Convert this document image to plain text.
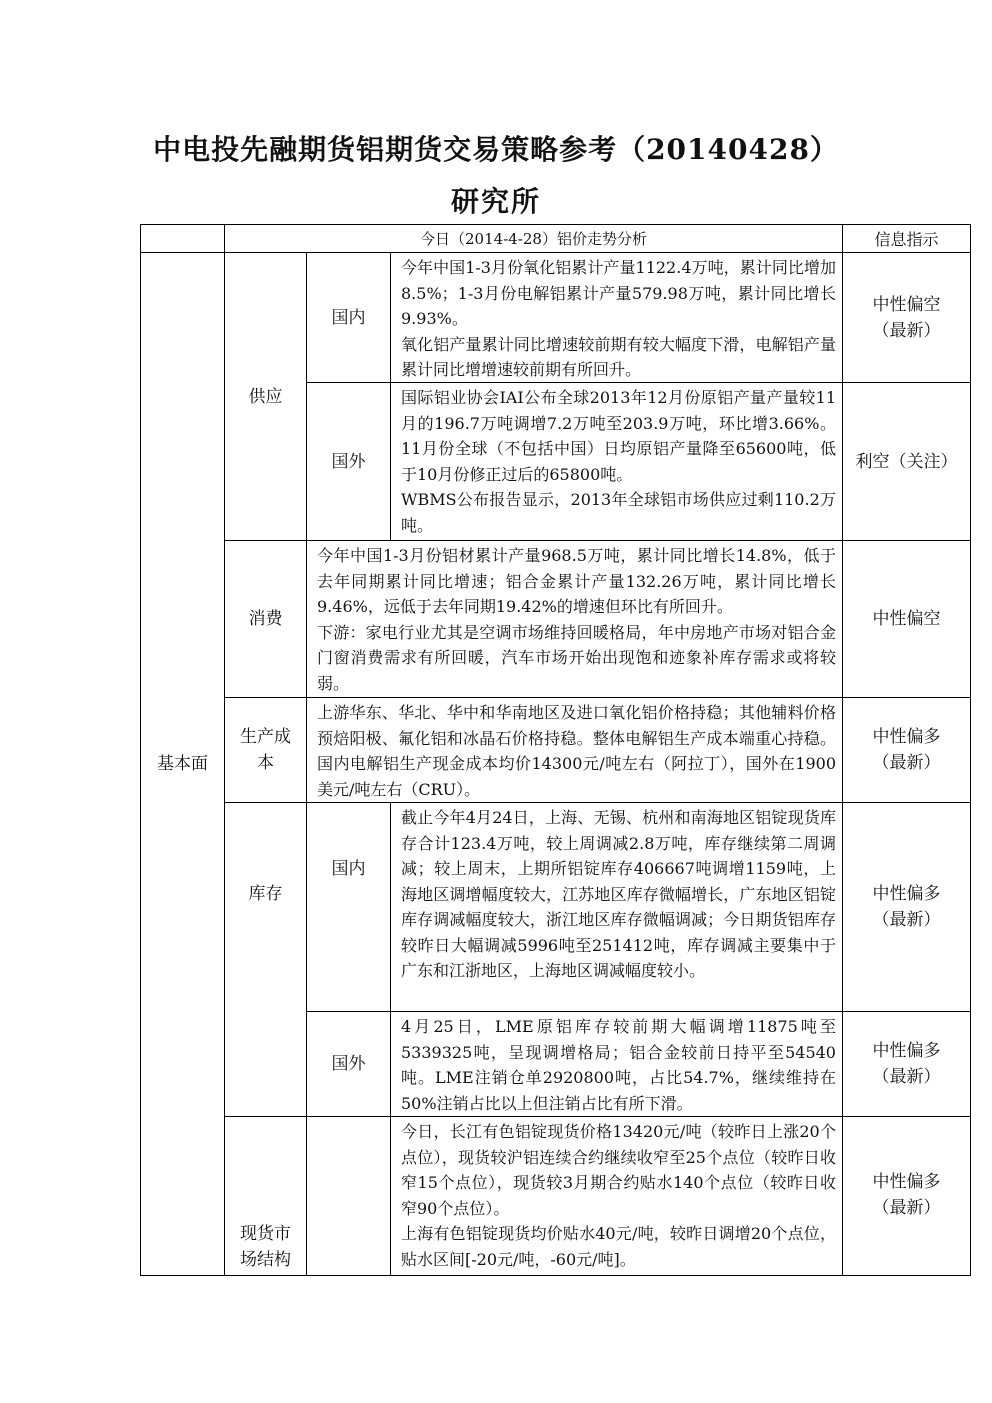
中电投先融期货铝期货交易策略参考（20140428）
研究所
今日（2014-4-28）铝价走势分析	信息指示
基本面
供应
国内

今年中国1-3月份氧化铝累计产量1122.4万吨，累计同比增加8.5%；1-3月份电解铝累计产量579.98万吨，累计同比增长9.93%。

氧化铝产量累计同比增速较前期有较大幅度下滑，电解铝产量累计同比增增速较前期有所回升。

中性偏空
（最新）
国外

国际铝业协会IAI公布全球2013年12月份原铝产量产量较11月的196.7万吨调增7.2万吨至203.9万吨，环比增3.66%。11月份全球（不包括中国）日均原铝产量降至65600吨，低于10月份修正过后的65800吨。

WBMS公布报告显示，2013年全球铝市场供应过剩110.2万吨。

利空（关注）
消费

今年中国1-3月份铝材累计产量968.5万吨，累计同比增长14.8%，低于去年同期累计同比增速；铝合金累计产量132.26万吨，累计同比增长9.46%，远低于去年同期19.42%的增速但环比有所回升。

下游：家电行业尤其是空调市场维持回暖格局，年中房地产市场对铝合金门窗消费需求有所回暖，汽车市场开始出现饱和迹象补库存需求或将较弱。

中性偏空
生产成
本

上游华东、华北、华中和华南地区及进口氧化铝价格持稳；其他辅料价格预焙阳极、氟化铝和冰晶石价格持稳。整体电解铝生产成本端重心持稳。国内电解铝生产现金成本均价14300元/吨左右（阿拉丁），国外在1900美元/吨左右（CRU）。

中性偏多
（最新）
库存
国内

截止今年4月24日，上海、无锡、杭州和南海地区铝锭现货库存合计123.4万吨，较上周调减2.8万吨，库存继续第二周调减；较上周末，上期所铝锭库存406667吨调增1159吨，上海地区调增幅度较大，江苏地区库存微幅增长，广东地区铝锭库存调减幅度较大，浙江地区库存微幅调减；今日期货铝库存较昨日大幅调减5996吨至251412吨，库存调减主要集中于广东和江浙地区，上海地区调减幅度较小。

中性偏多
（最新）
国外

4月25日，LME原铝库存较前期大幅调增11875吨至5339325吨，呈现调增格局；铝合金较前日持平至54540吨。LME注销仓单2920800吨，占比54.7%，继续维持在50%注销占比以上但注销占比有所下滑。

中性偏多
（最新）
现货市
场结构

今日，长江有色铝锭现货价格13420元/吨（较昨日上涨20个点位），现货较沪铝连续合约继续收窄至25个点位（较昨日收窄15个点位），现货较3月期合约贴水140个点位（较昨日收窄90个点位）。

上海有色铝锭现货均价贴水40元/吨，较昨日调增20个点位，贴水区间[-20元/吨，-60元/吨]。

中性偏多
（最新）
